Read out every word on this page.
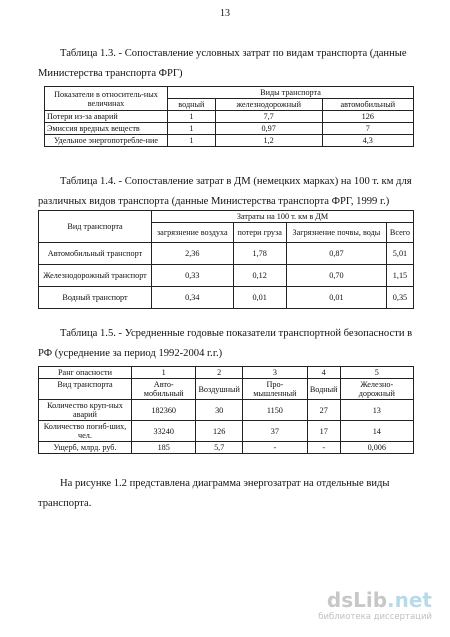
13
Таблица 1.3. - Сопоставление условных затрат по видам транспорта (данные
Министерства транспорта ФРГ)
Показатели в относитель-ных величинах	Виды транспорта		
	водный	железнодорожный	автомобильный
Потери из-за аварий	1	7,7	126
Эмиссия вредных веществ	1	0,97	7
Удельное энергопотребле-ние	1	1,2	4,3
Таблица 1.4. - Сопоставление затрат в ДМ (немецких марках) на 100 т. км для
различных видов транспорта (данные Министерства транспорта ФРГ, 1999 г.)
Вид транспорта	Затраты на 100 т. км в ДМ			
	загрязнение воздуха	потери груза	Загрязнение почвы, воды	Всего
Автомобильный транспорт	2,36	1,78	0,87	5,01
Железнодорожный транспорт	0,33	0,12	0,70	1,15
Водный транспорт	0,34	0,01	0,01	0,35
Таблица 1.5. - Усредненные годовые показатели транспортной безопасности в
РФ (усреднение за период 1992-2004 г.г.)
Ранг опасности	1	2	3	4	5
Вид транспорта	Авто-мобильный	Воздушный	Про-мышленный	Водный	Железно-дорожный
Количество круп-ных аварий	182360	30	1150	27	13
Количество погиб-ших, чел.	33240	126	37	17	14
Ущерб, млрд. руб.	185	5,7	-	-	0,006
На рисунке 1.2 представлена диаграмма энергозатрат на отдельные виды
транспорта.
dsLib.net
библиотека диссертаций
